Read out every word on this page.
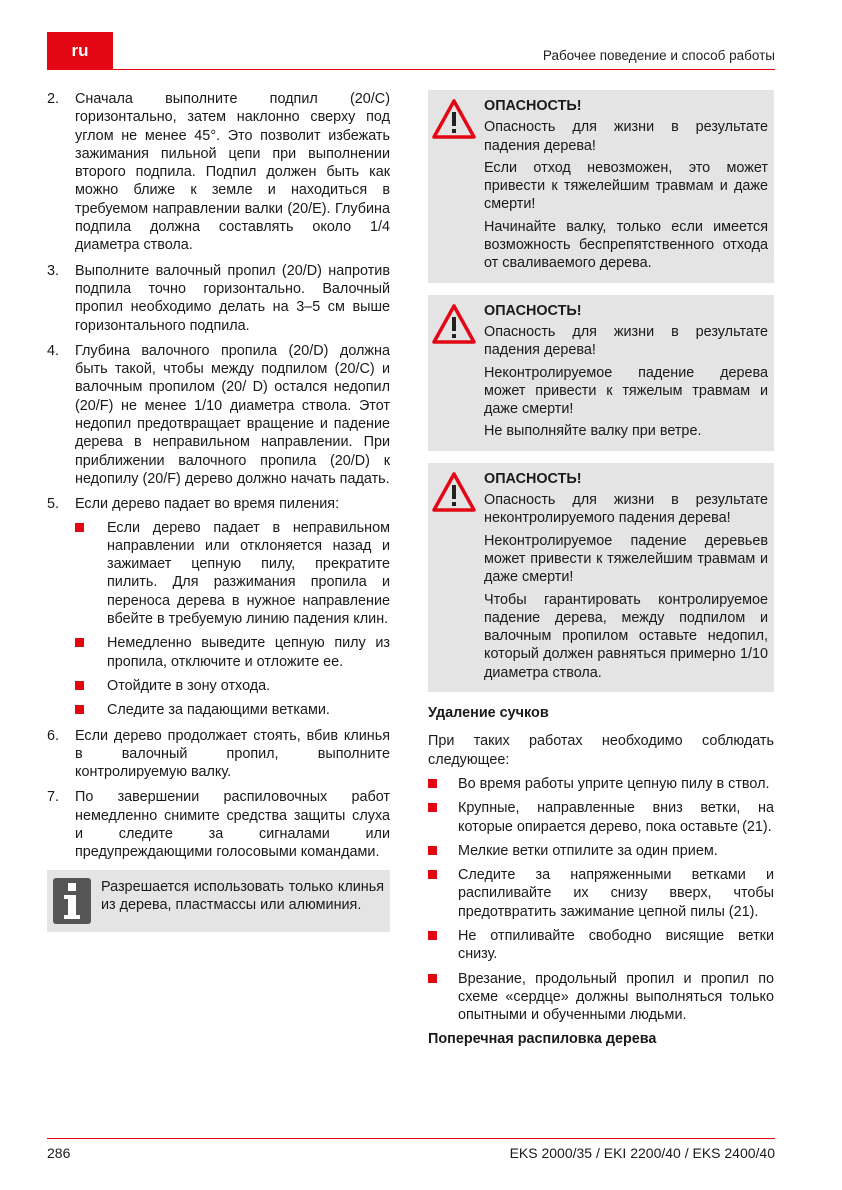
ru	Рабочее поведение и способ работы
2. Сначала выполните подпил (20/C) горизонтально, затем наклонно сверху под углом не менее 45°. Это позволит избежать зажимания пильной цепи при выполнении второго подпила. Подпил должен быть как можно ближе к земле и находиться в требуемом направлении валки (20/E). Глубина подпила должна составлять около 1/4 диаметра ствола.

3. Выполните валочный пропил (20/D) напротив подпила точно горизонтально. Валочный пропил необходимо делать на 3–5 см выше горизонтального подпила.

4. Глубина валочного пропила (20/D) должна быть такой, чтобы между подпилом (20/C) и валочным пропилом (20/ D) остался недопил (20/F) не менее 1/10 диаметра ствола. Этот недопил предотвращает вращение и падение дерева в неправильном направлении. При приближении валочного пропила (20/D) к недопилу (20/F) дерево должно начать падать.

5. Если дерево падает во время пиления:

Если дерево падает в неправильном направлении или отклоняется назад и зажимает цепную пилу, прекратите пилить. Для разжимания пропила и переноса дерева в нужное направление вбейте в требуемую линию падения клин.

Немедленно выведите цепную пилу из пропила, отключите и отложите ее.

Отойдите в зону отхода.

Следите за падающими ветками.

6. Если дерево продолжает стоять, вбив клинья в валочный пропил, выполните контролируемую валку.

7. По завершении распиловочных работ немедленно снимите средства защиты слуха и следите за сигналами или предупреждающими голосовыми командами.

Разрешается использовать только клинья из дерева, пластмассы или алюминия.

ОПАСНОСТЬ!

Опасность для жизни в результате падения дерева!

Если отход невозможен, это может привести к тяжелейшим травмам и даже смерти!

Начинайте валку, только если имеется возможность беспрепятственного отхода от сваливаемого дерева.

ОПАСНОСТЬ!

Опасность для жизни в результате падения дерева!

Неконтролируемое падение дерева может привести к тяжелым травмам и даже смерти!

Не выполняйте валку при ветре.

ОПАСНОСТЬ!

Опасность для жизни в результате неконтролируемого падения дерева!

Неконтролируемое падение деревьев может привести к тяжелейшим травмам и даже смерти!

Чтобы гарантировать контролируемое падение дерева, между подпилом и валочным пропилом оставьте недопил, который должен равняться примерно 1/10 диаметра ствола.

Удаление сучков

При таких работах необходимо соблюдать следующее:

Во время работы уприте цепную пилу в ствол.

Крупные, направленные вниз ветки, на которые опирается дерево, пока оставьте (21).

Мелкие ветки отпилите за один прием.

Следите за напряженными ветками и распиливайте их снизу вверх, чтобы предотвратить зажимание цепной пилы (21).

Не отпиливайте свободно висящие ветки снизу.

Врезание, продольный пропил и пропил по схеме «сердце» должны выполняться только опытными и обученными людьми.

Поперечная распиловка дерева
286	EKS 2000/35 / EKI 2200/40 / EKS 2400/40
